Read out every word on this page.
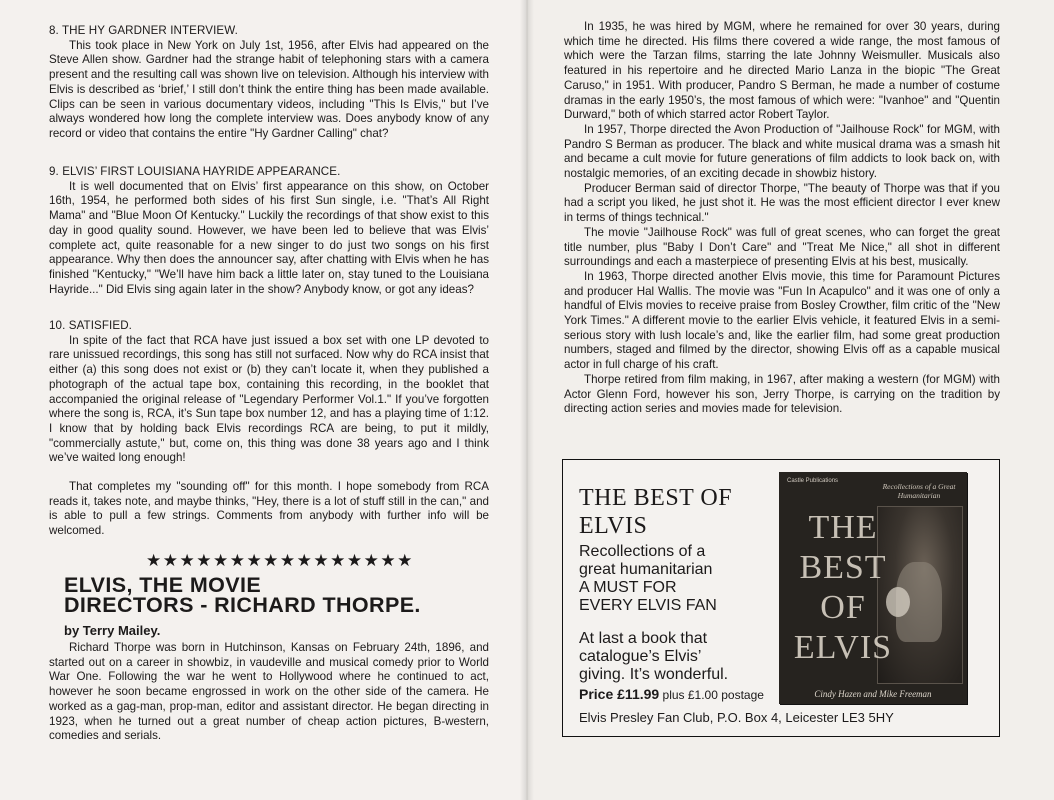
8. THE HY GARDNER INTERVIEW.

This took place in New York on July 1st, 1956, after Elvis had appeared on the Steve Allen show. Gardner had the strange habit of telephoning stars with a camera present and the resulting call was shown live on television. Although his interview with Elvis is described as ‘brief,’ I still don’t think the entire thing has been made available. Clips can be seen in various documentary videos, including "This Is Elvis," but I’ve always wondered how long the complete interview was. Does anybody know of any record or video that contains the entire "Hy Gardner Calling" chat?

9. ELVIS’ FIRST LOUISIANA HAYRIDE APPEARANCE.

It is well documented that on Elvis’ first appearance on this show, on October 16th, 1954, he performed both sides of his first Sun single, i.e. "That’s All Right Mama" and "Blue Moon Of Kentucky." Luckily the recordings of that show exist to this day in good quality sound. However, we have been led to believe that was Elvis’ complete act, quite reasonable for a new singer to do just two songs on his first appearance. Why then does the announcer say, after chatting with Elvis when he has finished "Kentucky," "We’ll have him back a little later on, stay tuned to the Louisiana Hayride..." Did Elvis sing again later in the show? Anybody know, or got any ideas?

10. SATISFIED.

In spite of the fact that RCA have just issued a box set with one LP devoted to rare unissued recordings, this song has still not surfaced. Now why do RCA insist that either (a) this song does not exist or (b) they can’t locate it, when they published a photograph of the actual tape box, containing this recording, in the booklet that accompanied the original release of "Legendary Performer Vol.1." If you’ve forgotten where the song is, RCA, it’s Sun tape box number 12, and has a playing time of 1:12. I know that by holding back Elvis recordings RCA are being, to put it mildly, "commercially astute," but, come on, this thing was done 38 years ago and I think we’ve waited long enough!

That completes my "sounding off" for this month. I hope somebody from RCA reads it, takes note, and maybe thinks, "Hey, there is a lot of stuff still in the can," and is able to pull a few strings. Comments from anybody with further info will be welcomed.

★★★★★★★★★★★★★★★★

ELVIS, THE MOVIE

DIRECTORS - RICHARD THORPE.

by Terry Mailey.

Richard Thorpe was born in Hutchinson, Kansas on February 24th, 1896, and started out on a career in showbiz, in vaudeville and musical comedy prior to World War One. Following the war he went to Hollywood where he continued to act, however he soon became engrossed in work on the other side of the camera. He worked as a gag-man, prop-man, editor and assistant director. He began directing in 1923, when he turned out a great number of cheap action pictures, B-western, comedies and serials.

In 1935, he was hired by MGM, where he remained for over 30 years, during which time he directed. His films there covered a wide range, the most famous of which were the Tarzan films, starring the late Johnny Weismuller. Musicals also featured in his repertoire and he directed Mario Lanza in the biopic "The Great Caruso," in 1951. With producer, Pandro S Berman, he made a number of costume dramas in the early 1950’s, the most famous of which were: "Ivanhoe" and "Quentin Durward," both of which starred actor Robert Taylor.

In 1957, Thorpe directed the Avon Production of "Jailhouse Rock" for MGM, with Pandro S Berman as producer. The black and white musical drama was a smash hit and became a cult movie for future generations of film addicts to look back on, with nostalgic memories, of an exciting decade in showbiz history.

Producer Berman said of director Thorpe, "The beauty of Thorpe was that if you had a script you liked, he just shot it. He was the most efficient director I ever knew in terms of things technical."

The movie "Jailhouse Rock" was full of great scenes, who can forget the great title number, plus "Baby I Don’t Care" and "Treat Me Nice," all shot in different surroundings and each a masterpiece of presenting Elvis at his best, musically.

In 1963, Thorpe directed another Elvis movie, this time for Paramount Pictures and producer Hal Wallis. The movie was "Fun In Acapulco" and it was one of only a handful of Elvis movies to receive praise from Bosley Crowther, film critic of the "New York Times." A different movie to the earlier Elvis vehicle, it featured Elvis in a semi-serious story with lush locale’s and, like the earlier film, had some great production numbers, staged and filmed by the director, showing Elvis off as a capable musical actor in full charge of his craft.

Thorpe retired from film making, in 1967, after making a western (for MGM) with Actor Glenn Ford, however his son, Jerry Thorpe, is carrying on the tradition by directing action series and movies made for television.

THE BEST OF
ELVIS
Recollections of a
great humanitarian
A MUST FOR
EVERY ELVIS FAN
At last a book that
catalogue’s Elvis’
giving. It’s wonderful.

Price £11.99 plus £1.00 postage

Elvis Presley Fan Club, P.O. Box 4, Leicester LE3 5HY

Castle Publications

Recollections of a Great Humanitarian

THE
BEST
OF
ELVIS

Cindy Hazen and Mike Freeman
